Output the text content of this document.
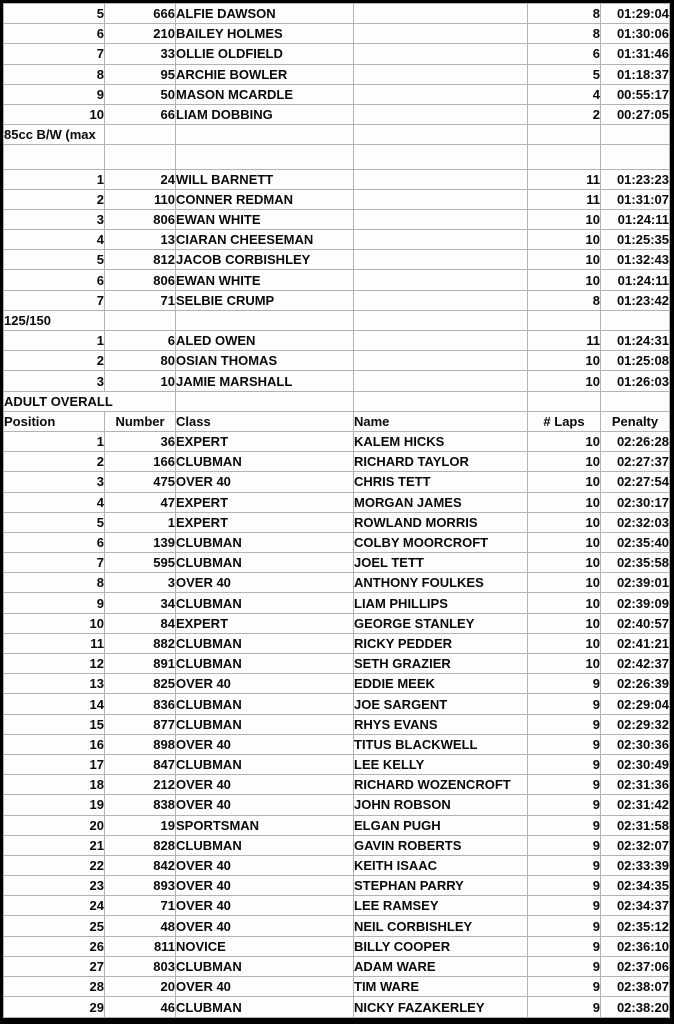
5	666	ALFIE DAWSON		8	01:29:04
6	210	BAILEY HOLMES		8	01:30:06
7	33	OLLIE OLDFIELD		6	01:31:46
8	95	ARCHIE BOWLER		5	01:18:37
9	50	MASON MCARDLE		4	00:55:17
10	66	LIAM DOBBING		2	00:27:05
85cc B/W (max					

1	24	WILL BARNETT		11	01:23:23
2	110	CONNER REDMAN		11	01:31:07
3	806	EWAN WHITE		10	01:24:11
4	13	CIARAN CHEESEMAN		10	01:25:35
5	812	JACOB CORBISHLEY		10	01:32:43
6	806	EWAN WHITE		10	01:24:11
7	71	SELBIE CRUMP		8	01:23:42
125/150					
1	6	ALED OWEN		11	01:24:31
2	80	OSIAN THOMAS		10	01:25:08
3	10	JAMIE MARSHALL		10	01:26:03
ADULT OVERALL					
Position	Number	Class	Name	# Laps	Penalty
1	36	EXPERT	KALEM HICKS	10	02:26:28
2	166	CLUBMAN	RICHARD TAYLOR	10	02:27:37
3	475	OVER 40	CHRIS TETT	10	02:27:54
4	47	EXPERT	MORGAN JAMES	10	02:30:17
5	1	EXPERT	ROWLAND MORRIS	10	02:32:03
6	139	CLUBMAN	COLBY MOORCROFT	10	02:35:40
7	595	CLUBMAN	JOEL TETT	10	02:35:58
8	3	OVER 40	ANTHONY FOULKES	10	02:39:01
9	34	CLUBMAN	LIAM PHILLIPS	10	02:39:09
10	84	EXPERT	GEORGE STANLEY	10	02:40:57
11	882	CLUBMAN	RICKY PEDDER	10	02:41:21
12	891	CLUBMAN	SETH GRAZIER	10	02:42:37
13	825	OVER 40	EDDIE MEEK	9	02:26:39
14	836	CLUBMAN	JOE SARGENT	9	02:29:04
15	877	CLUBMAN	RHYS EVANS	9	02:29:32
16	898	OVER 40	TITUS BLACKWELL	9	02:30:36
17	847	CLUBMAN	LEE KELLY	9	02:30:49
18	212	OVER 40	RICHARD WOZENCROFT	9	02:31:36
19	838	OVER 40	JOHN ROBSON	9	02:31:42
20	19	SPORTSMAN	ELGAN PUGH	9	02:31:58
21	828	CLUBMAN	GAVIN ROBERTS	9	02:32:07
22	842	OVER 40	KEITH ISAAC	9	02:33:39
23	893	OVER 40	STEPHAN PARRY	9	02:34:35
24	71	OVER 40	LEE RAMSEY	9	02:34:37
25	48	OVER 40	NEIL CORBISHLEY	9	02:35:12
26	811	NOVICE	BILLY COOPER	9	02:36:10
27	803	CLUBMAN	ADAM WARE	9	02:37:06
28	20	OVER 40	TIM WARE	9	02:38:07
29	46	CLUBMAN	NICKY FAZAKERLEY	9	02:38:20
